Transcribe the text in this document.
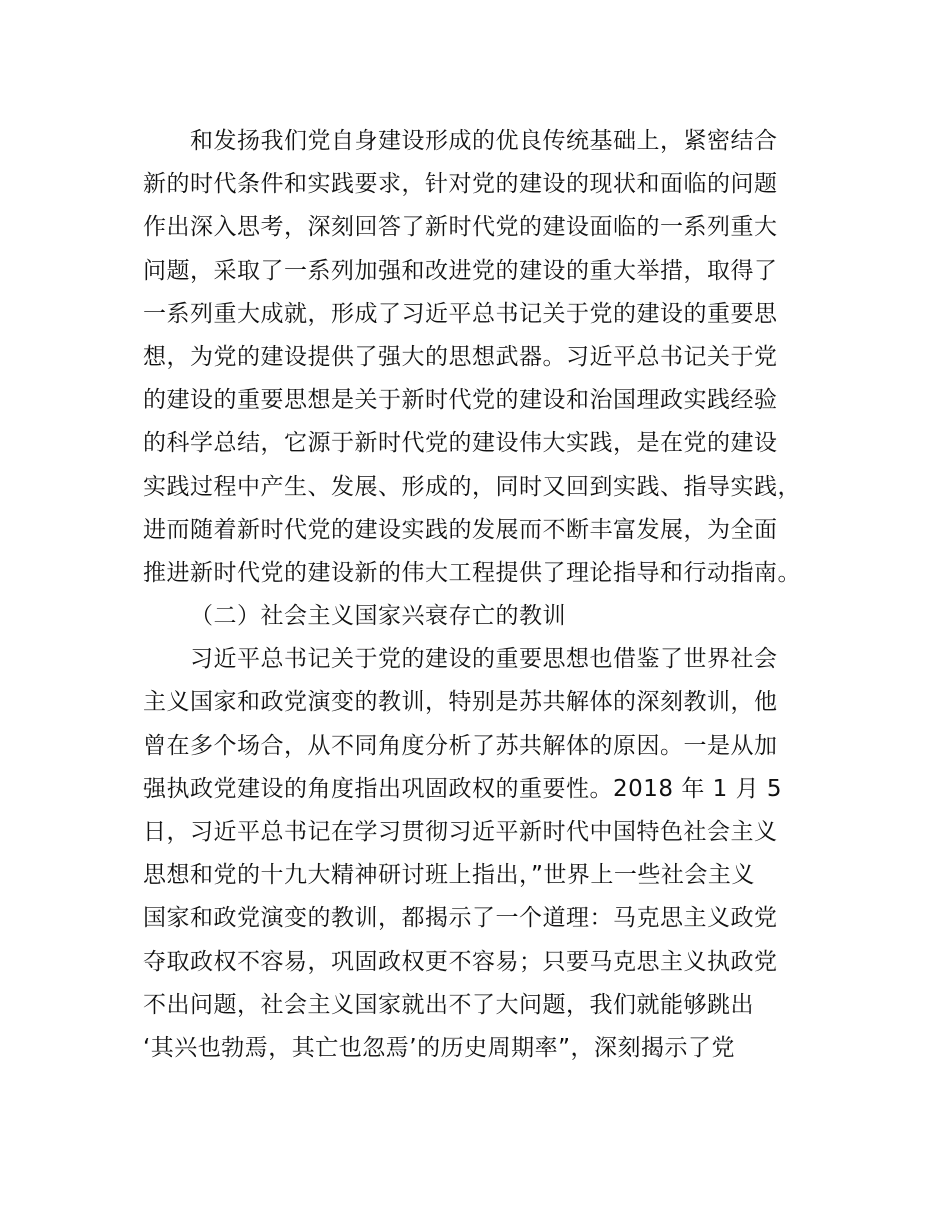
和发扬我们党自身建设形成的优良传统基础上，紧密结合
新的时代条件和实践要求，针对党的建设的现状和面临的问题
作出深入思考，深刻回答了新时代党的建设面临的一系列重大
问题，采取了一系列加强和改进党的建设的重大举措，取得了
一系列重大成就，形成了习近平总书记关于党的建设的重要思
想，为党的建设提供了强大的思想武器。习近平总书记关于党
的建设的重要思想是关于新时代党的建设和治国理政实践经验
的科学总结，它源于新时代党的建设伟大实践，是在党的建设
实践过程中产生、发展、形成的，同时又回到实践、指导实践，
进而随着新时代党的建设实践的发展而不断丰富发展，为全面
推进新时代党的建设新的伟大工程提供了理论指导和行动指南。
（二）社会主义国家兴衰存亡的教训
习近平总书记关于党的建设的重要思想也借鉴了世界社会
主义国家和政党演变的教训，特别是苏共解体的深刻教训，他
曾在多个场合，从不同角度分析了苏共解体的原因。一是从加
强执政党建设的角度指出巩固政权的重要性。2018 年 1 月 5
日，习近平总书记在学习贯彻习近平新时代中国特色社会主义
思想和党的十九大精神研讨班上指出，”世界上一些社会主义
国家和政党演变的教训，都揭示了一个道理：马克思主义政党
夺取政权不容易，巩固政权更不容易；只要马克思主义执政党
不出问题，社会主义国家就出不了大问题，我们就能够跳出
‘其兴也勃焉，其亡也忽焉’的历史周期率”，深刻揭示了党
